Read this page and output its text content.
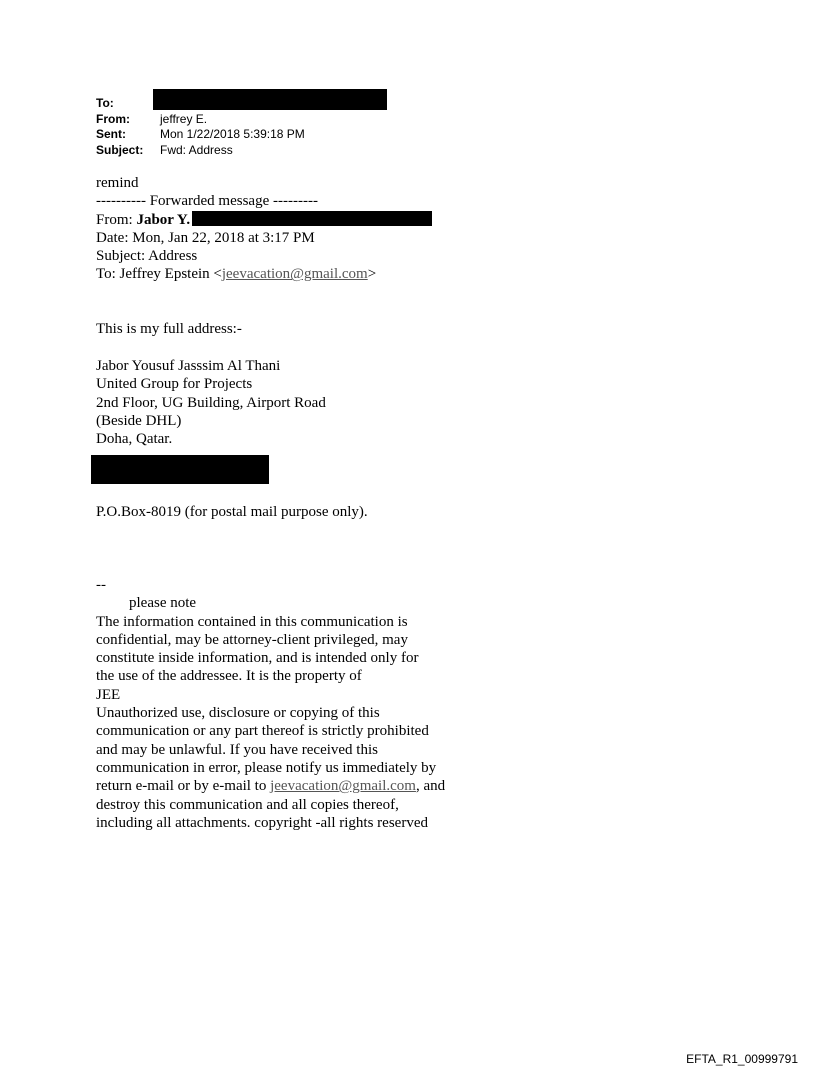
To:
From:	jeffrey E.
Sent:	Mon 1/22/2018 5:39:18 PM
Subject:	Fwd: Address
remind
---------- Forwarded message ---------
From: Jabor Y.
Date: Mon, Jan 22, 2018 at 3:17 PM
Subject: Address
To: Jeffrey Epstein <jeevacation@gmail.com>
This is my full address:-
Jabor Yousuf Jasssim Al Thani
United Group for Projects
2nd Floor, UG Building, Airport Road
(Beside DHL)
Doha, Qatar.
P.O.Box-8019 (for postal mail purpose only).
--
please note
The information contained in this communication is
confidential, may be attorney-client privileged, may
constitute inside information, and is intended only for
the use of the addressee. It is the property of
JEE
Unauthorized use, disclosure or copying of this
communication or any part thereof is strictly prohibited
and may be unlawful. If you have received this
communication in error, please notify us immediately by
return e-mail or by e-mail to jeevacation@gmail.com, and
destroy this communication and all copies thereof,
including all attachments. copyright -all rights reserved
EFTA_R1_00999791
